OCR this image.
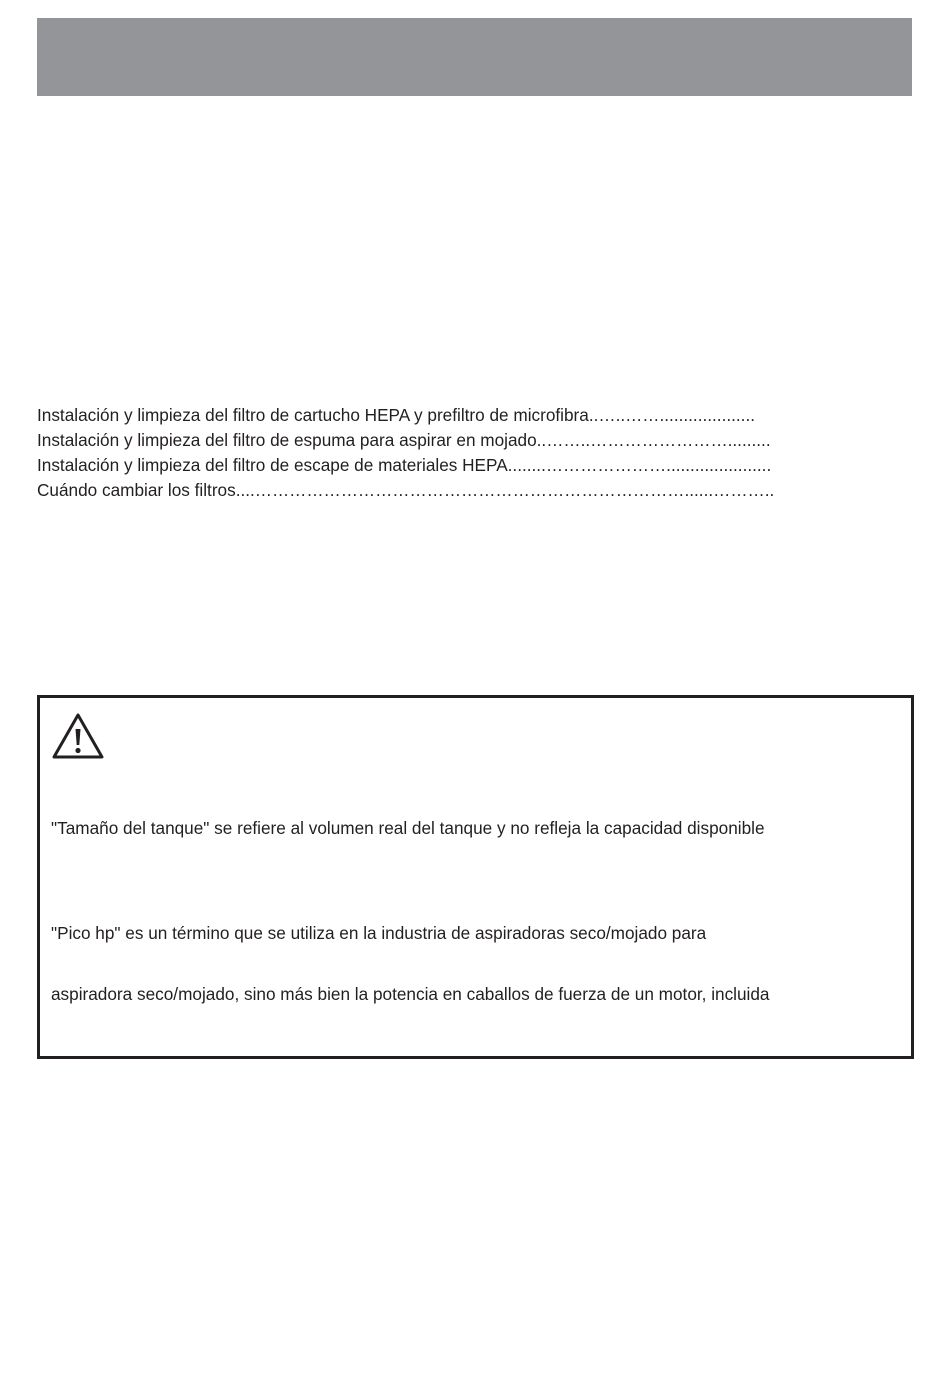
Instalación y limpieza del filtro de cartucho HEPA y prefiltro de microfibra..…..……....................
Instalación y limpieza del filtro de espuma para aspirar en mojado..……..…………………….........
Instalación y limpieza del filtro de escape de materiales HEPA........…………………......................
Cuándo cambiar los filtros....…………………………………………………………………......………..
"Tamaño del tanque" se refiere al volumen real del tanque y no refleja la capacidad disponible
"Pico hp" es un término que se utiliza en la industria de aspiradoras seco/mojado para
aspiradora seco/mojado, sino más bien la potencia en caballos de fuerza de un motor, incluida
